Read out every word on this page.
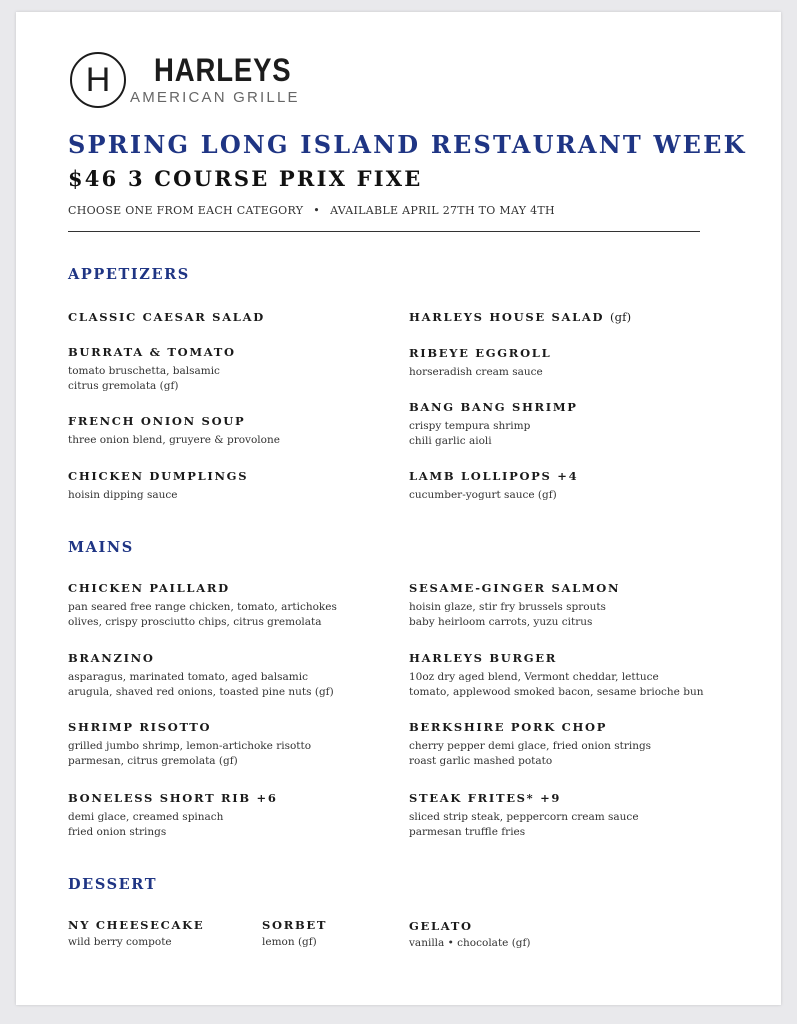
H	HARLEYS
AMERICAN GRILLE
SPRING LONG ISLAND RESTAURANT WEEK
$46 3 COURSE PRIX FIXE
CHOOSE ONE FROM EACH CATEGORY • AVAILABLE APRIL 27TH TO MAY 4TH
APPETIZERS
CLASSIC CAESAR SALAD	HARLEYS HOUSE SALAD (gf)
BURRATA & TOMATO
tomato bruschetta, balsamic
citrus gremolata (gf)
RIBEYE EGGROLL
horseradish cream sauce
FRENCH ONION SOUP
three onion blend, gruyere & provolone
BANG BANG SHRIMP
crispy tempura shrimp
chili garlic aioli
CHICKEN DUMPLINGS
hoisin dipping sauce
LAMB LOLLIPOPS +4
cucumber-yogurt sauce (gf)
MAINS
CHICKEN PAILLARD
pan seared free range chicken, tomato, artichokes
olives, crispy prosciutto chips, citrus gremolata
SESAME-GINGER SALMON
hoisin glaze, stir fry brussels sprouts
baby heirloom carrots, yuzu citrus
BRANZINO
asparagus, marinated tomato, aged balsamic
arugula, shaved red onions, toasted pine nuts (gf)
HARLEYS BURGER
10oz dry aged blend, Vermont cheddar, lettuce
tomato, applewood smoked bacon, sesame brioche bun
SHRIMP RISOTTO
grilled jumbo shrimp, lemon-artichoke risotto
parmesan, citrus gremolata (gf)
BERKSHIRE PORK CHOP
cherry pepper demi glace, fried onion strings
roast garlic mashed potato
BONELESS SHORT RIB +6
demi glace, creamed spinach
fried onion strings
STEAK FRITES* +9
sliced strip steak, peppercorn cream sauce
parmesan truffle fries
DESSERT
NY CHEESECAKE
wild berry compote
SORBET
lemon (gf)
GELATO
vanilla • chocolate (gf)
